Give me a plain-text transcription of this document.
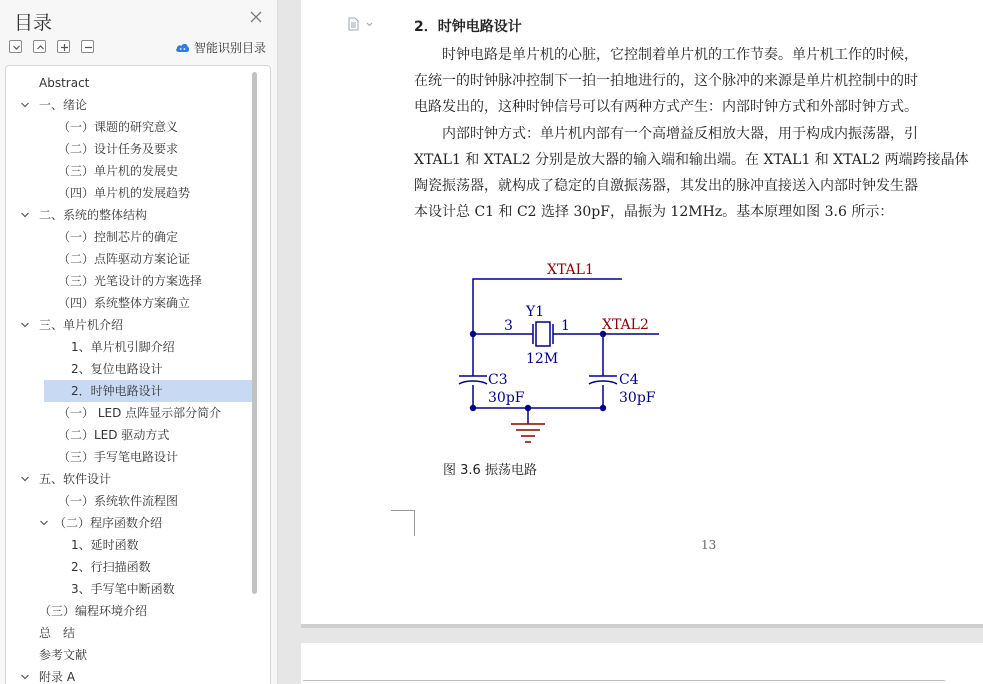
目录
智能识别目录
Abstract
一、绪论
（一）课题的研究意义
（二）设计任务及要求
（三）单片机的发展史
（四）单片机的发展趋势
二、系统的整体结构
（一）控制芯片的确定
（二）点阵驱动方案论证
（三）光笔设计的方案选择
（四）系统整体方案确立
三、单片机介绍
1、单片机引脚介绍
2、复位电路设计
2．时钟电路设计
（一） LED 点阵显示部分简介
（二）LED 驱动方式
（三）手写笔电路设计
五、软件设计
（一）系统软件流程图
（二）程序函数介绍
1、延时函数
2、行扫描函数
3、手写笔中断函数
（三）编程环境介绍
总　结
参考文献
附录 A
2．时钟电路设计
　　时钟电路是单片机的心脏，它控制着单片机的工作节奏。单片机工作的时候，
在统一的时钟脉冲控制下一拍一拍地进行的，这个脉冲的来源是单片机控制中的时
电路发出的，这种时钟信号可以有两种方式产生：内部时钟方式和外部时钟方式。
　　内部时钟方式：单片机内部有一个高增益反相放大器，用于构成内振荡器，引
XTAL1 和 XTAL2 分别是放大器的输入端和输出端。在 XTAL1 和 XTAL2 两端跨接晶体
陶瓷振荡器，就构成了稳定的自激振荡器，其发出的脉冲直接送入内部时钟发生器
本设计总 C1 和 C2 选择 30pF，晶振为 12MHz。基本原理如图 3.6 所示：
XTAL1
XTAL2
Y1
3	1
12M
C3
30pF
C4
30pF
图 3.6 振荡电路
13
